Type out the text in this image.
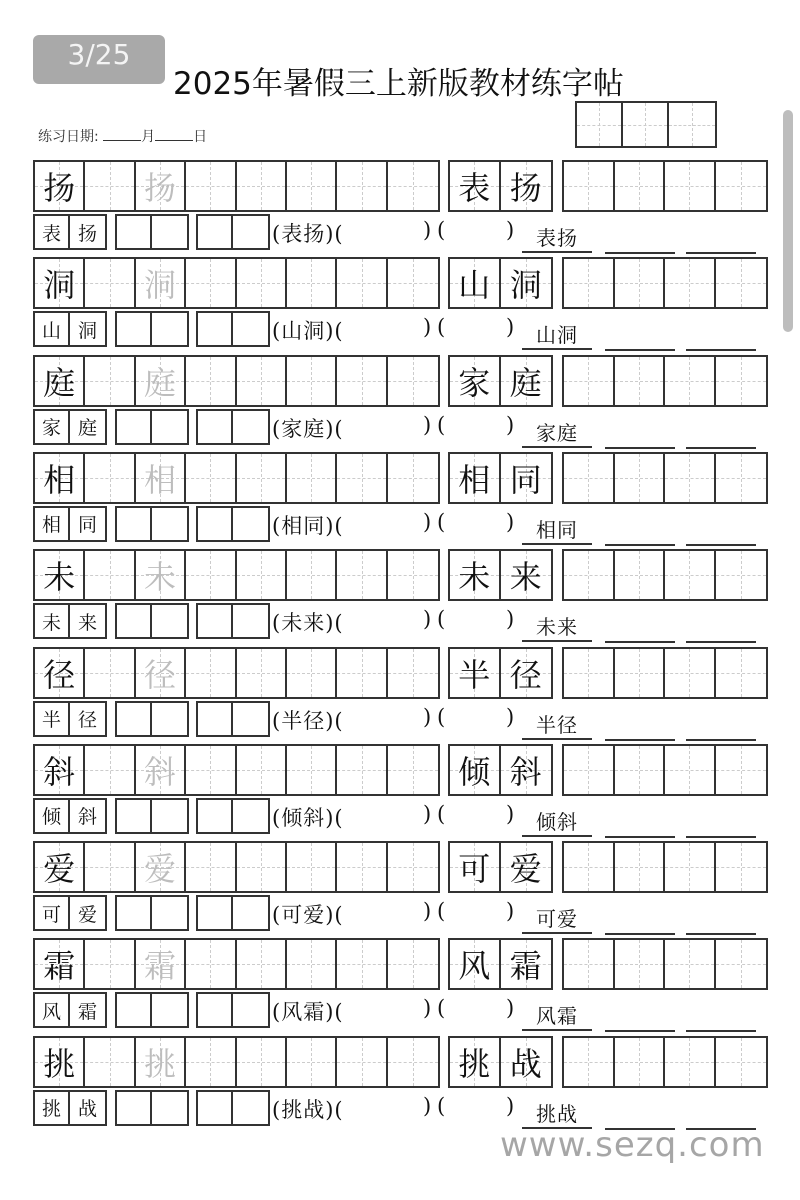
3/25
2025年暑假三上新版教材练字帖
练习日期:	月	日
扬 扬	表 扬
表 扬	(表扬)(	) (	)	表扬
洞 洞	山 洞
山 洞	(山洞)(	) (	)	山洞
庭 庭	家 庭
家 庭	(家庭)(	) (	)	家庭
相 相	相 同
相 同	(相同)(	) (	)	相同
未 未	未 来
未 来	(未来)(	) (	)	未来
径 径	半 径
半 径	(半径)(	) (	)	半径
斜 斜	倾 斜
倾 斜	(倾斜)(	) (	)	倾斜
爱 爱	可 爱
可 爱	(可爱)(	) (	)	可爱
霜 霜	风 霜
风 霜	(风霜)(	) (	)	风霜
挑 挑	挑 战
挑 战	(挑战)(	) (	)	挑战
www.sezq.com
